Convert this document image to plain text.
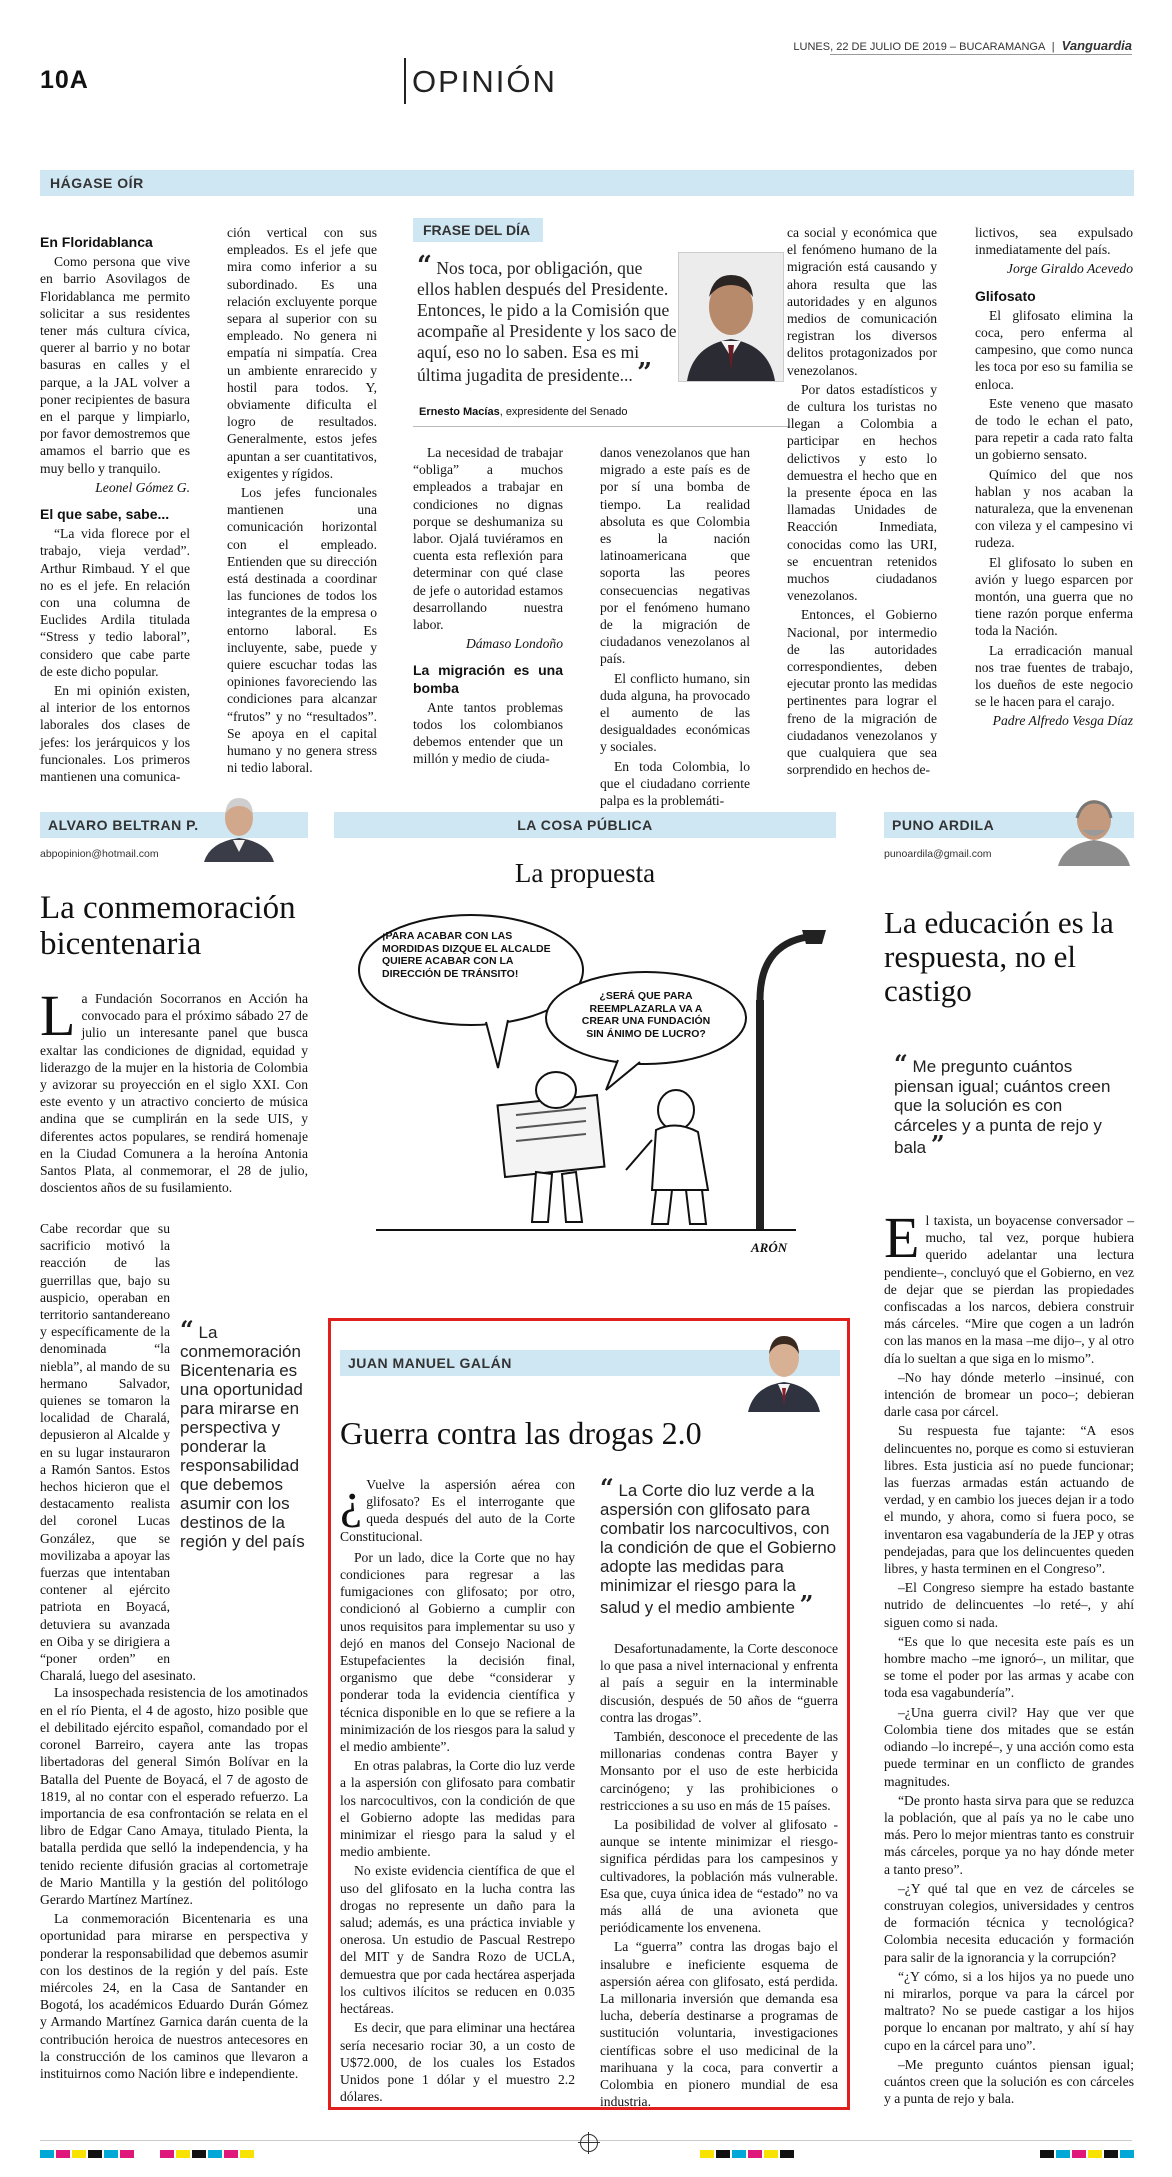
10A	OPINIÓN
LUNES, 22 DE JULIO DE 2019 – BUCARAMANGA | Vanguardia
HÁGASE OÍR
En Floridablanca

Como persona que vive en barrio Asovilagos de Floridablanca me permito solicitar a sus residentes tener más cultura cívica, querer al barrio y no botar basuras en calles y el parque, a la JAL volver a poner recipientes de basura en el parque y limpiarlo, por favor demostremos que amamos el barrio que es muy bello y tranquilo.

Leonel Gómez G.

El que sabe, sabe...

“La vida florece por el trabajo, vieja verdad”. Arthur Rimbaud. Y el que no es el jefe. En relación con una columna de Euclides Ardila titulada “Stress y tedio laboral”, considero que cabe parte de este dicho popular.

En mi opinión existen, al interior de los entornos laborales dos clases de jefes: los jerárquicos y los funcionales. Los primeros mantienen una comunica-

ción vertical con sus empleados. Es el jefe que mira como inferior a su subordinado. Es una relación excluyente porque separa al superior con su empleado. No genera ni empatía ni simpatía. Crea un ambiente enrarecido y hostil para todos. Y, obviamente dificulta el logro de resultados. Generalmente, estos jefes apuntan a ser cuantitativos, exigentes y rígidos.

Los jefes funcionales mantienen una comunicación horizontal con el empleado. Entienden que su dirección está destinada a coordinar las funciones de todos los integrantes de la empresa o entorno laboral. Es incluyente, sabe, puede y quiere escuchar todas las opiniones favoreciendo las condiciones para alcanzar “frutos” y no “resultados”. Se apoya en el capital humano y no genera stress ni tedio laboral.

FRASE DEL DÍA
“ Nos toca, por obligación, que ellos hablen después del Presidente. Entonces, le pido a la Comisión que acompañe al Presidente y los saco de aquí, eso no lo saben. Esa es mi última jugadita de presidente... ”
Ernesto Macías, expresidente del Senado

La necesidad de trabajar “obliga” a muchos empleados a trabajar en condiciones no dignas porque se deshumaniza su labor. Ojalá tuviéramos en cuenta esta reflexión para determinar con qué clase de jefe o autoridad estamos desarrollando nuestra labor.

Dámaso Londoño

La migración es una bomba

Ante tantos problemas todos los colombianos debemos entender que un millón y medio de ciuda-

danos venezolanos que han migrado a este país es de por sí una bomba de tiempo. La realidad absoluta es que Colombia es la nación latinoamericana que soporta las peores consecuencias negativas por el fenómeno humano de la migración de ciudadanos venezolanos al país.

El conflicto humano, sin duda alguna, ha provocado el aumento de las desigualdades económicas y sociales.

En toda Colombia, lo que el ciudadano corriente palpa es la problemáti-

ca social y económica que el fenómeno humano de la migración está causando y ahora resulta que las autoridades y en algunos medios de comunicación registran los diversos delitos protagonizados por venezolanos.

Por datos estadísticos y de cultura los turistas no llegan a Colombia a participar en hechos delictivos y esto lo demuestra el hecho que en la presente época en las llamadas Unidades de Reacción Inmediata, conocidas como las URI, se encuentran retenidos muchos ciudadanos venezolanos.

Entonces, el Gobierno Nacional, por intermedio de las autoridades correspondientes, deben ejecutar pronto las medidas pertinentes para lograr el freno de la migración de ciudadanos venezolanos y que cualquiera que sea sorprendido en hechos de-

lictivos, sea expulsado inmediatamente del país.

Jorge Giraldo Acevedo

Glifosato

El glifosato elimina la coca, pero enferma al campesino, que como nunca les toca por eso su familia se enloca.

Este veneno que masato de todo le echan el pato, para repetir a cada rato falta un gobierno sensato.

Químico del que nos hablan y nos acaban la naturaleza, que la envenenan con vileza y el campesino vi rudeza.

El glifosato lo suben en avión y luego esparcen por montón, una guerra que no tiene razón porque enferma toda la Nación.

La erradicación manual nos trae fuentes de trabajo, los dueños de este negocio se le hacen para el carajo.

Padre Alfredo Vesga Díaz

ALVARO BELTRAN P.
abpopinion@hotmail.com
La conmemoración bicentenaria
L a Fundación Socorranos en Acción ha convocado para el próximo sábado 27 de julio un interesante panel que busca exaltar las condiciones de dignidad, equidad y liderazgo de la mujer en la historia de Colombia y avizorar su proyección en el siglo XXI. Con este evento y un atractivo concierto de música andina que se cumplirán en la sede UIS, y diferentes actos populares, se rendirá homenaje en la Ciudad Comunera a la heroína Antonia Santos Plata, al conmemorar, el 28 de julio, doscientos años de su fusilamiento.
“ La conmemoración Bicentenaria es una oportunidad para mirarse en perspectiva y ponderar la responsabilidad que debemos asumir con los destinos de la región y del país
Cabe recordar que su sacrificio motivó la reacción de las guerrillas que, bajo su auspicio, operaban en territorio santandereano y específicamente de la denominada “la niebla”, al mando de su hermano Salvador, quienes se tomaron la localidad de Charalá, depusieron al Alcalde y en su lugar instauraron a Ramón Santos. Estos hechos hicieron que el destacamento realista del coronel Lucas González, que se movilizaba a apoyar las fuerzas que intentaban contener al ejército patriota en Boyacá, detuviera su avanzada en Oiba y se dirigiera a “poner orden” en Charalá, luego del asesinato.

La insospechada resistencia de los amotinados en el río Pienta, el 4 de agosto, hizo posible que el debilitado ejército español, comandado por el coronel Barreiro, cayera ante las tropas libertadoras del general Simón Bolívar en la Batalla del Puente de Boyacá, el 7 de agosto de 1819, al no contar con el esperado refuerzo. La importancia de esa confrontación se relata en el libro de Edgar Cano Amaya, titulado Pienta, la batalla perdida que selló la independencia, y ha tenido reciente difusión gracias al cortometraje de Mario Mantilla y la gestión del politólogo Gerardo Martínez Martínez.

La conmemoración Bicentenaria es una oportunidad para mirarse en perspectiva y ponderar la responsabilidad que debemos asumir con los destinos de la región y del país. Este miércoles 24, en la Casa de Santander en Bogotá, los académicos Eduardo Durán Gómez y Armando Martínez Garnica darán cuenta de la contribución heroica de nuestros antecesores en la construcción de los caminos que llevaron a instituirnos como Nación libre e independiente.

LA COSA PÚBLICA
La propuesta
¡PARA ACABAR CON LAS MORDIDAS DIZQUE EL ALCALDE QUIERE ACABAR CON LA DIRECCIÓN DE TRÁNSITO!
¿SERÁ QUE PARA REEMPLAZARLA VA A CREAR UNA FUNDACIÓN SIN ÁNIMO DE LUCRO?
ARÓN
JUAN MANUEL GALÁN
Guerra contra las drogas 2.0
¿ Vuelve la aspersión aérea con glifosato? Es el interrogante que queda después del auto de la Corte Constitucional.

Por un lado, dice la Corte que no hay condiciones para regresar a las fumigaciones con glifosato; por otro, condicionó al Gobierno a cumplir con unos requisitos para implementar su uso y dejó en manos del Consejo Nacional de Estupefacientes la decisión final, organismo que debe “considerar y ponderar toda la evidencia científica y técnica disponible en lo que se refiere a la minimización de los riesgos para la salud y el medio ambiente”.

En otras palabras, la Corte dio luz verde a la aspersión con glifosato para combatir los narcocultivos, con la condición de que el Gobierno adopte las medidas para minimizar el riesgo para la salud y el medio ambiente.

No existe evidencia científica de que el uso del glifosato en la lucha contra las drogas no represente un daño para la salud; además, es una práctica inviable y onerosa. Un estudio de Pascual Restrepo del MIT y de Sandra Rozo de UCLA, demuestra que por cada hectárea asperjada los cultivos ilícitos se reducen en 0.035 hectáreas.

Es decir, que para eliminar una hectárea sería necesario rociar 30, a un costo de U$72.000, de los cuales los Estados Unidos pone 1 dólar y el muestro 2.2 dólares.

“ La Corte dio luz verde a la aspersión con glifosato para combatir los narcocultivos, con la condición de que el Gobierno adopte las medidas para minimizar el riesgo para la salud y el medio ambiente ”

Desafortunadamente, la Corte desconoce lo que pasa a nivel internacional y enfrenta al país a seguir en la interminable discusión, después de 50 años de “guerra contra las drogas”.

También, desconoce el precedente de las millonarias condenas contra Bayer y Monsanto por el uso de este herbicida carcinógeno; y las prohibiciones o restricciones a su uso en más de 15 países.

La posibilidad de volver al glifosato -aunque se intente minimizar el riesgo- significa pérdidas para los campesinos y cultivadores, la población más vulnerable. Esa que, cuya única idea de “estado” no va más allá de una avioneta que periódicamente los envenena.

La “guerra” contra las drogas bajo el insalubre e ineficiente esquema de aspersión aérea con glifosato, está perdida. La millonaria inversión que demanda esa lucha, debería destinarse a programas de sustitución voluntaria, investigaciones científicas sobre el uso medicinal de la marihuana y la coca, para convertir a Colombia en pionero mundial de esa industria.

PUNO ARDILA
punoardila@gmail.com
La educación es la respuesta, no el castigo
“ Me pregunto cuántos piensan igual; cuántos creen que la solución es con cárceles y a punta de rejo y bala ”
E l taxista, un boyacense conversador –mucho, tal vez, porque hubiera querido adelantar una lectura pendiente–, concluyó que el Gobierno, en vez de dejar que se pierdan las propiedades confiscadas a los narcos, debiera construir más cárceles. “Mire que cogen a un ladrón con las manos en la masa –me dijo–, y al otro día lo sueltan a que siga en lo mismo”.

–No hay dónde meterlo –insinué, con intención de bromear un poco–; debieran darle casa por cárcel.

Su respuesta fue tajante: “A esos delincuentes no, porque es como si estuvieran libres. Esta justicia así no puede funcionar; las fuerzas armadas están actuando de verdad, y en cambio los jueces dejan ir a todo el mundo, y ahora, como si fuera poco, se inventaron esa vagabundería de la JEP y otras pendejadas, para que los delincuentes queden libres, y hasta terminen en el Congreso”.

–El Congreso siempre ha estado bastante nutrido de delincuentes –lo reté–, y ahí siguen como si nada.

“Es que lo que necesita este país es un hombre macho –me ignoró–, un militar, que se tome el poder por las armas y acabe con toda esa vagabundería”.

–¿Una guerra civil? Hay que ver que Colombia tiene dos mitades que se están odiando –lo increpé–, y una acción como esta puede terminar en un conflicto de grandes magnitudes.

“De pronto hasta sirva para que se reduzca la población, que al país ya no le cabe uno más. Pero lo mejor mientras tanto es construir más cárceles, porque ya no hay dónde meter a tanto preso”.

–¿Y qué tal que en vez de cárceles se construyan colegios, universidades y centros de formación técnica y tecnológica? Colombia necesita educación y formación para salir de la ignorancia y la corrupción?

“¿Y cómo, si a los hijos ya no puede uno ni mirarlos, porque va para la cárcel por maltrato? No se puede castigar a los hijos porque lo encanan por maltrato, y ahí sí hay cupo en la cárcel para uno”.

–Me pregunto cuántos piensan igual; cuántos creen que la solución es con cárceles y a punta de rejo y bala.
